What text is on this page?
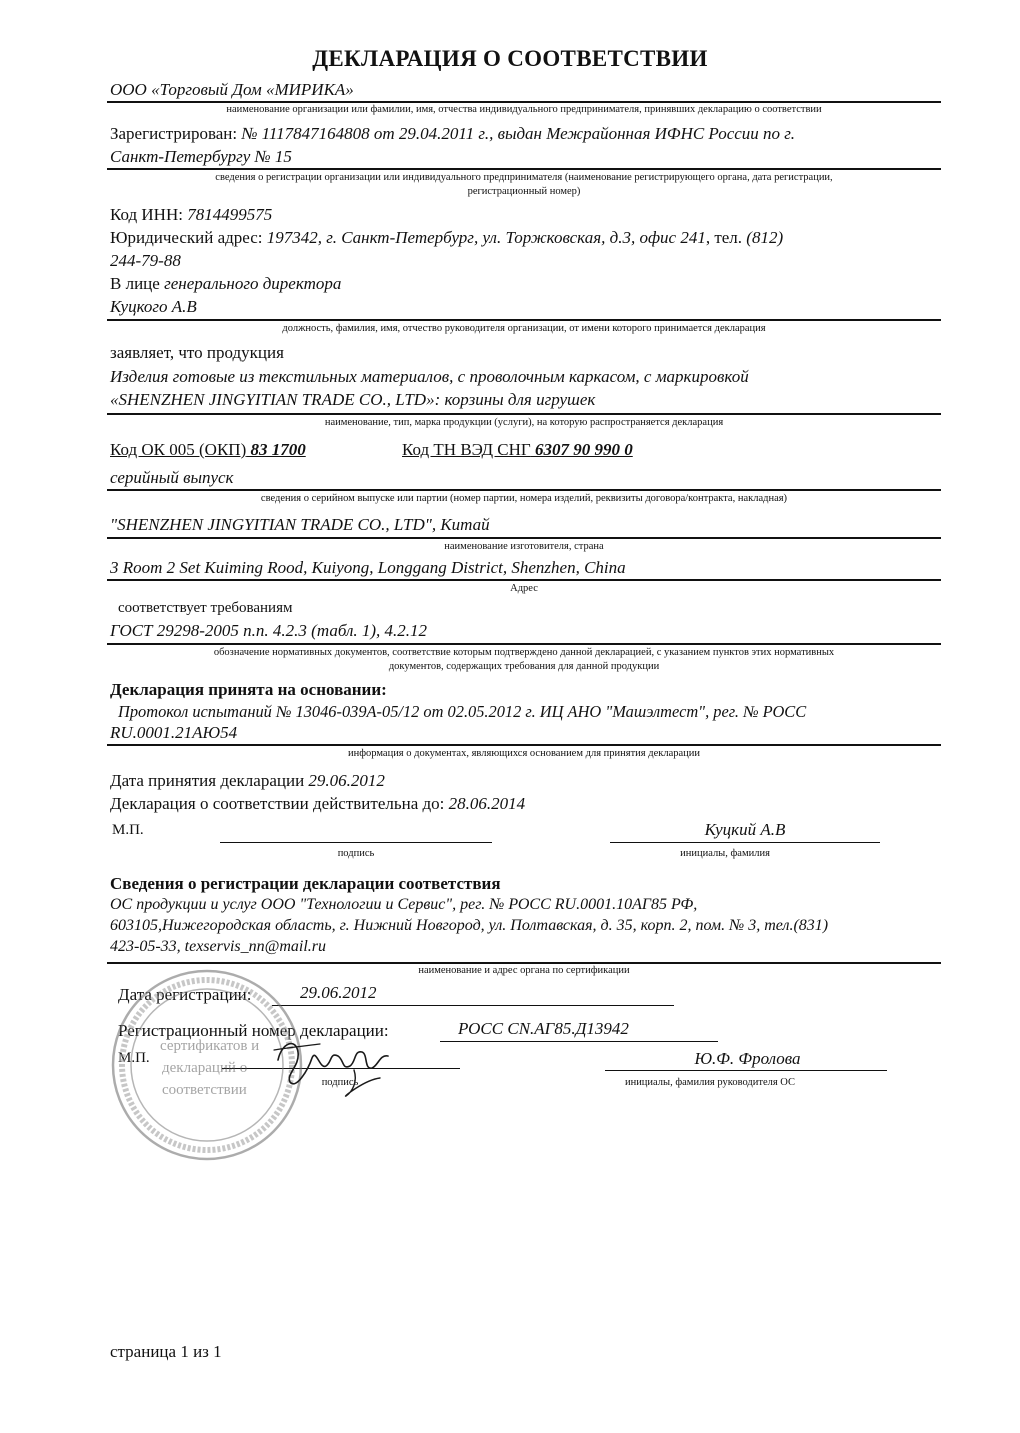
ДЕКЛАРАЦИЯ О СООТВЕТСТВИИ
ООО «Торговый Дом «МИРИКА»
наименование организации или фамилии, имя, отчества индивидуального предпринимателя, принявших декларацию о соответствии
Зарегистрирован: № 1117847164808 от 29.04.2011 г., выдан Межрайонная ИФНС России по г.
Санкт-Петербургу № 15
сведения о регистрации организации или индивидуального предпринимателя (наименование регистрирующего органа, дата регистрации,
регистрационный номер)
Код ИНН: 7814499575
Юридический адрес: 197342, г. Санкт-Петербург, ул. Торжковская, д.3, офис 241, тел. (812)
244-79-88
В лице генерального директора
Куцкого А.В
должность, фамилия, имя, отчество руководителя организации, от имени которого принимается декларация
заявляет, что продукция
Изделия готовые из текстильных материалов, с проволочным каркасом, с маркировкой
«SHENZHEN JINGYITIAN TRADE CO., LTD»: корзины для игрушек
наименование, тип, марка продукции (услуги), на которую распространяется декларация
Код ОК 005 (ОКП) 83 1700	Код ТН ВЭД СНГ 6307 90 990 0
серийный выпуск
сведения о серийном выпуске или партии (номер партии, номера изделий, реквизиты договора/контракта, накладная)
"SHENZHEN JINGYITIAN TRADE CO., LTD", Китай
наименование изготовителя, страна
3 Room 2 Set Kuiming Rood, Kuiyong, Longgang District, Shenzhen, China
Адрес
соответствует требованиям
ГОСТ 29298-2005 п.п. 4.2.3 (табл. 1), 4.2.12
обозначение нормативных документов, соответствие которым подтверждено данной декларацией, с указанием пунктов этих нормативных
документов, содержащих требования для данной продукции
Декларация принята на основании:
Протокол испытаний № 13046-039А-05/12 от 02.05.2012 г. ИЦ АНО "Машэлтест", рег. № РОСС
RU.0001.21АЮ54
информация о документах, являющихся основанием для принятия декларации
Дата принятия декларации 29.06.2012
Декларация о соответствии действительна до: 28.06.2014
М.П.	Куцкий А.В
подпись	инициалы, фамилия
Сведения о регистрации декларации соответствия
ОС продукции и услуг ООО "Технологии и Сервис", рег. № РОСС RU.0001.10АГ85 РФ,
603105,Нижегородская область, г. Нижний Новгород, ул. Полтавская, д. 35, корп. 2, пом. № 3, тел.(831)
423-05-33, texservis_nn@mail.ru
наименование и адрес органа по сертификации
Дата регистрации:	29.06.2012
Регистрационный номер декларации:	РОСС CN.АГ85.Д13942
М.П.	Ю.Ф. Фролова
подпись	инициалы, фамилия руководителя ОС
сертификатов и
деклараций о
соответствии
страница 1 из 1
